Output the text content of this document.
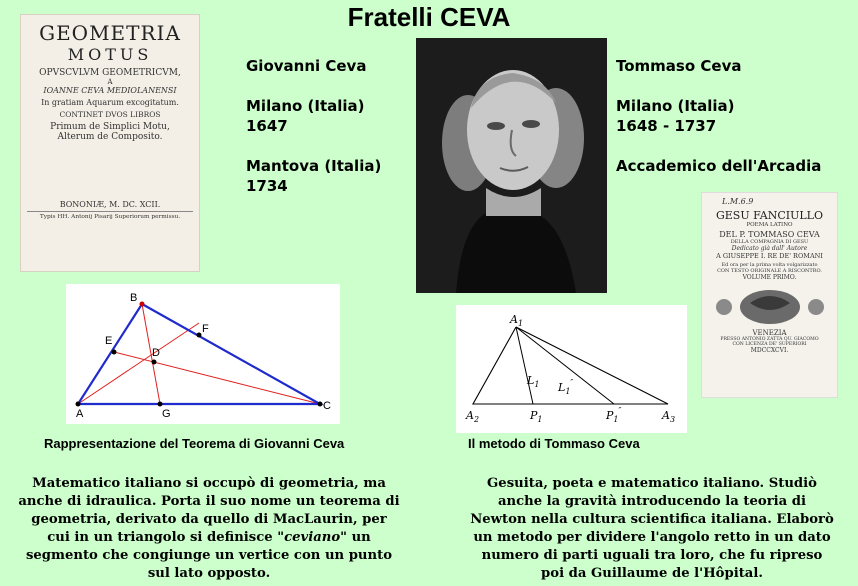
Fratelli CEVA
GEOMETRIA
MOTUS
OPVSCVLVM GEOMETRICVM,
A
IOANNE CEVA MEDIOLANENSI
In gratiam Aquarum excogitatum.
CONTINET DVOS LIBROS
Primum de Simplici Motu,
Alterum de Composito.
BONONIÆ, M. DC. XCII.
Typis HH. Antonij Pisarij Superiorum permissu.
Giovanni Ceva
Milano (Italia)
1647
Mantova (Italia)
1734
Tommaso Ceva
Milano (Italia)
1648 - 1737
Accademico dell'Arcadia
L.M.6.9
GESU FANCIULLO
POEMA LATINO
DEL P. TOMMASO CEVA
DELLA COMPAGNIA DI GESU
Dedicato già dall' Autore
A GIUSEPPE I. RE DE' ROMANI
Ed ora per la prima volta volgarizzato
CON TESTO ORIGINALE A RISCONTRO.
VOLUME PRIMO.
VENEZIA
PRESSO ANTONIO ZATTA QU. GIACOMO
CON LICENZA DE' SUPERIORI
MDCCXCVI.
A
B
C
D
E
F
G
Rappresentazione del Teorema di Giovanni Ceva
$A_1$
$A_2$	$A_3$
$P_1$	$P_1''$
$L_1$ $L_1''$
Il metodo di Tommaso Ceva
Matematico italiano si occupò di geometria, ma anche di idraulica. Porta il suo nome un teorema di geometria, derivato da quello di MacLaurin, per cui in un triangolo si definisce "ceviano" un segmento che congiunge un vertice con un punto sul lato opposto.
Gesuita, poeta e matematico italiano. Studiò anche la gravità introducendo la teoria di Newton nella cultura scientifica italiana. Elaborò un metodo per dividere l'angolo retto in un dato numero di parti uguali tra loro, che fu ripreso poi da Guillaume de l'Hôpital.
